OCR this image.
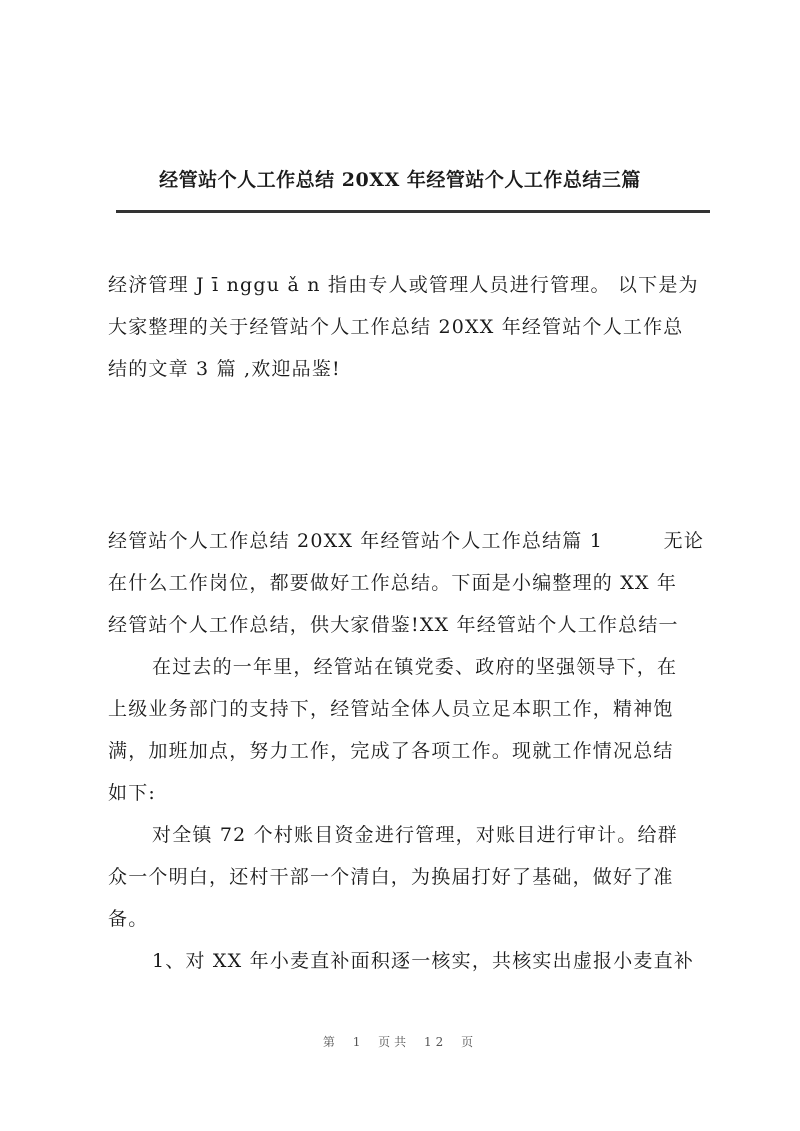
经管站个人工作总结 20XX 年经管站个人工作总结三篇
经济管理 J ī nggu ǎ n 指由专人或管理人员进行管理。 以下是为
大家整理的关于经管站个人工作总结 20XX 年经管站个人工作总
结的文章 3 篇 ,欢迎品鉴!
经管站个人工作总结 20XX 年经管站个人工作总结篇 1　　　无论
在什么工作岗位，都要做好工作总结。下面是小编整理的 XX 年
经管站个人工作总结，供大家借鉴!XX 年经管站个人工作总结一
在过去的一年里，经管站在镇党委、政府的坚强领导下，在
上级业务部门的支持下，经管站全体人员立足本职工作，精神饱
满，加班加点，努力工作，完成了各项工作。现就工作情况总结
如下:
对全镇 72 个村账目资金进行管理，对账目进行审计。给群
众一个明白，还村干部一个清白，为换届打好了基础，做好了准
备。
1、对 XX 年小麦直补面积逐一核实，共核实出虚报小麦直补
第 1 页共 12 页
